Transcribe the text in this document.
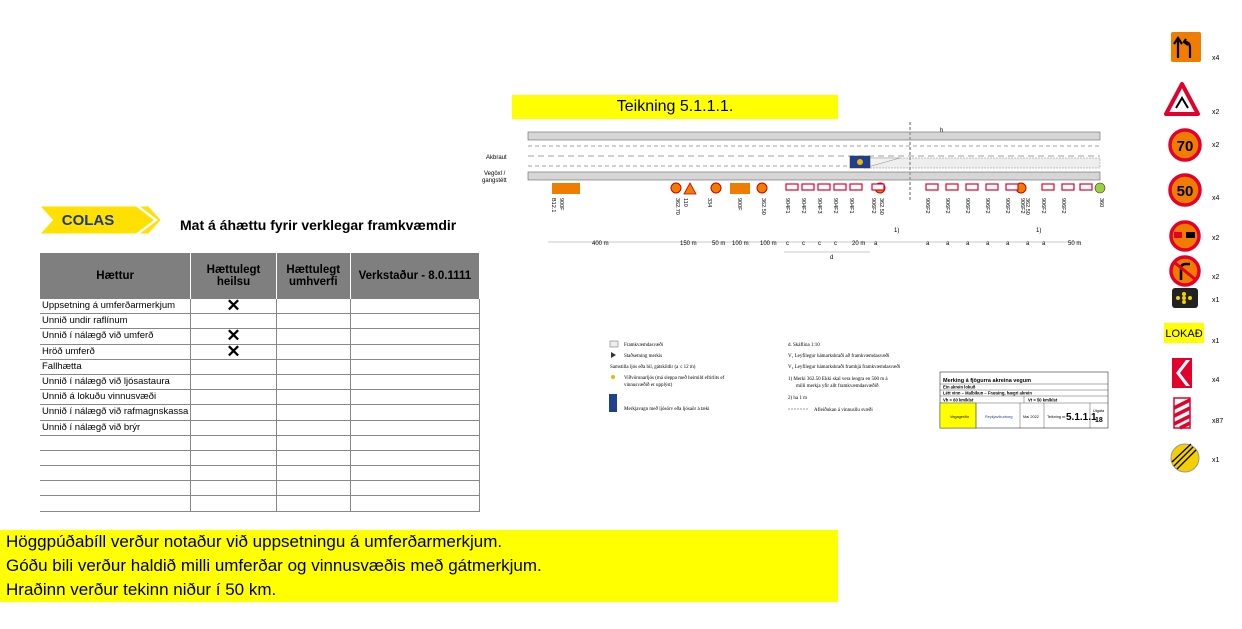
COLAS	Mat á áhættu fyrir verklegar framkvæmdir
Hættur	Hættulegt heilsu	Hættulegt umhverfi	Verkstaður - 8.0.1111
Uppsetning á umferðarmerkjum	✕		
Unnið undir raflínum			
Unnið í nálægð við umferð	✕		
Hröð umferð	✕		
Fallhætta			
Unnið í nálægð við ljósastaura			
Unnið á lokuðu vinnusvæði			
Unnið í nálægð við rafmagnskassa			
Unnið í nálægð við brýr			

Höggpúðabíll verður notaður við uppsetningu á umferðarmerkjum.
Góðu bili verður haldið milli umferðar og vinnusvæðis með gátmerkjum.
Hraðinn verður tekinn niður í 50 km.
Teikning 5.1.1.1.
Akbraut
Vegöxl /
gangstétt
h
900F
B12.1	110
362.70	334	900F	362.50	904F1 904F2 904F3 904F2 904F1	906F2 362.50	906F2	906F2	906F2	906F2	906F2 906F2 362.50 906F2	906F2	360
400 m	150 m	50 m 100 m 100 m c c c c	20 m a	a	a	a	a	a	a a	50 m
d
1)	1)
Framkvæmdasvæði
Staðsetning merkis
Samstilla ljós eða bil, gátskildir (a ≤ 12 m)
Viðvörunarljós (má sleppa með heimild eftirlits ef
vinnusvæðið er upplýst)
Merkjavagn með ljósörv eða ljósaör á tæki
d. Skáflína 1:10
V₁ Leyfilegur hámarkshraði að framkvæmdasvæði
V₂ Leyfilegur hámarkshraði framhjá framkvæmdasvæði
1) Merki 362.50 Ekki skal vera lengra en 500 m á
milli merkja yfir allt framkvæmdasvæðið
2) ha 1 m
Afleiðukan á vinnusllu svæði
Merking á fjögurra akreina vegum
Ein akrein lokuð
Létt vinn – Malbikun – Fræsing, hægri akrein
Vh = 60 km/klst	Vt = 50 km/klst
Vegagerðin	Reykjavíkurborg	Maí 2022 Teikning nr. 5.1.1.1
Útgáfa
18
x4
x2
70	x2
50	x4
x2
x2
x1
LOKAÐ
x1
x4
x87
x1
